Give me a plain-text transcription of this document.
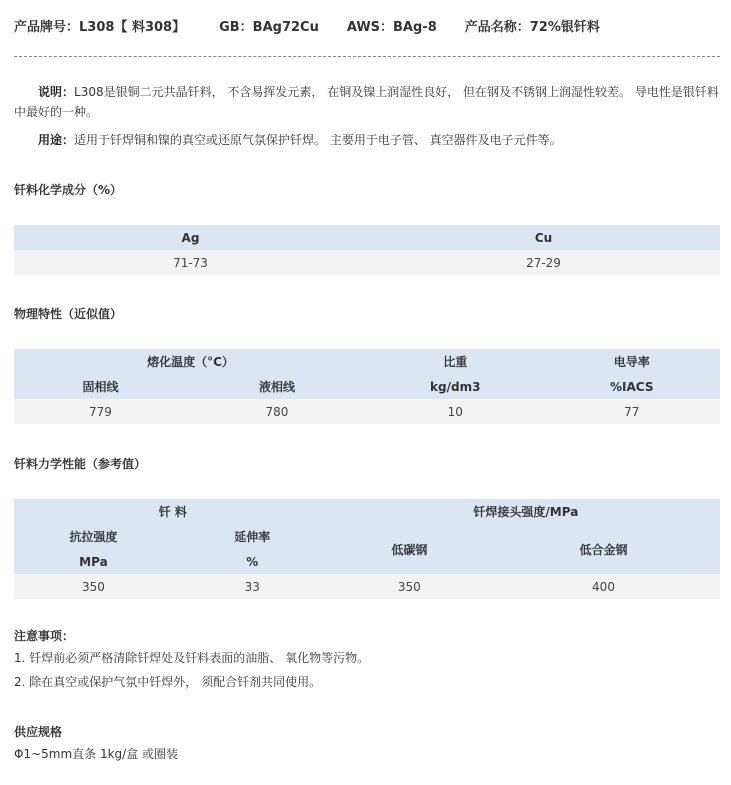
产品牌号：L308【 料308】	GB：BAg72Cu AWS：BAg-8 产品名称：72%银钎料
说明：L308是银铜二元共晶钎料， 不含易挥发元素， 在铜及镍上润湿性良好， 但在钢及不锈钢上润湿性较差。 导电性是银钎料中最好的一种。
用途：适用于钎焊铜和镍的真空或还原气氛保护钎焊。 主要用于电子管、 真空器件及电子元件等。
钎料化学成分（%）
Ag	Cu
71-73	27-29
物理特性（近似值）
熔化温度（°C）		比重	电导率
固相线	液相线	kg/dm3	%IACS
779	780	10	77
钎料力学性能（参考值）
钎 料		钎焊接头强度/MPa	
抗拉强度	延伸率	低碳钢	低合金钢
MPa	%		
350	33	350	400
注意事项：
1. 钎焊前必须严格清除钎焊处及钎料表面的油脂、 氧化物等污物。
2. 除在真空或保护气氛中钎焊外， 须配合钎剂共同使用。
供应规格
Φ1~5mm直条 1kg/盒 或圈装
